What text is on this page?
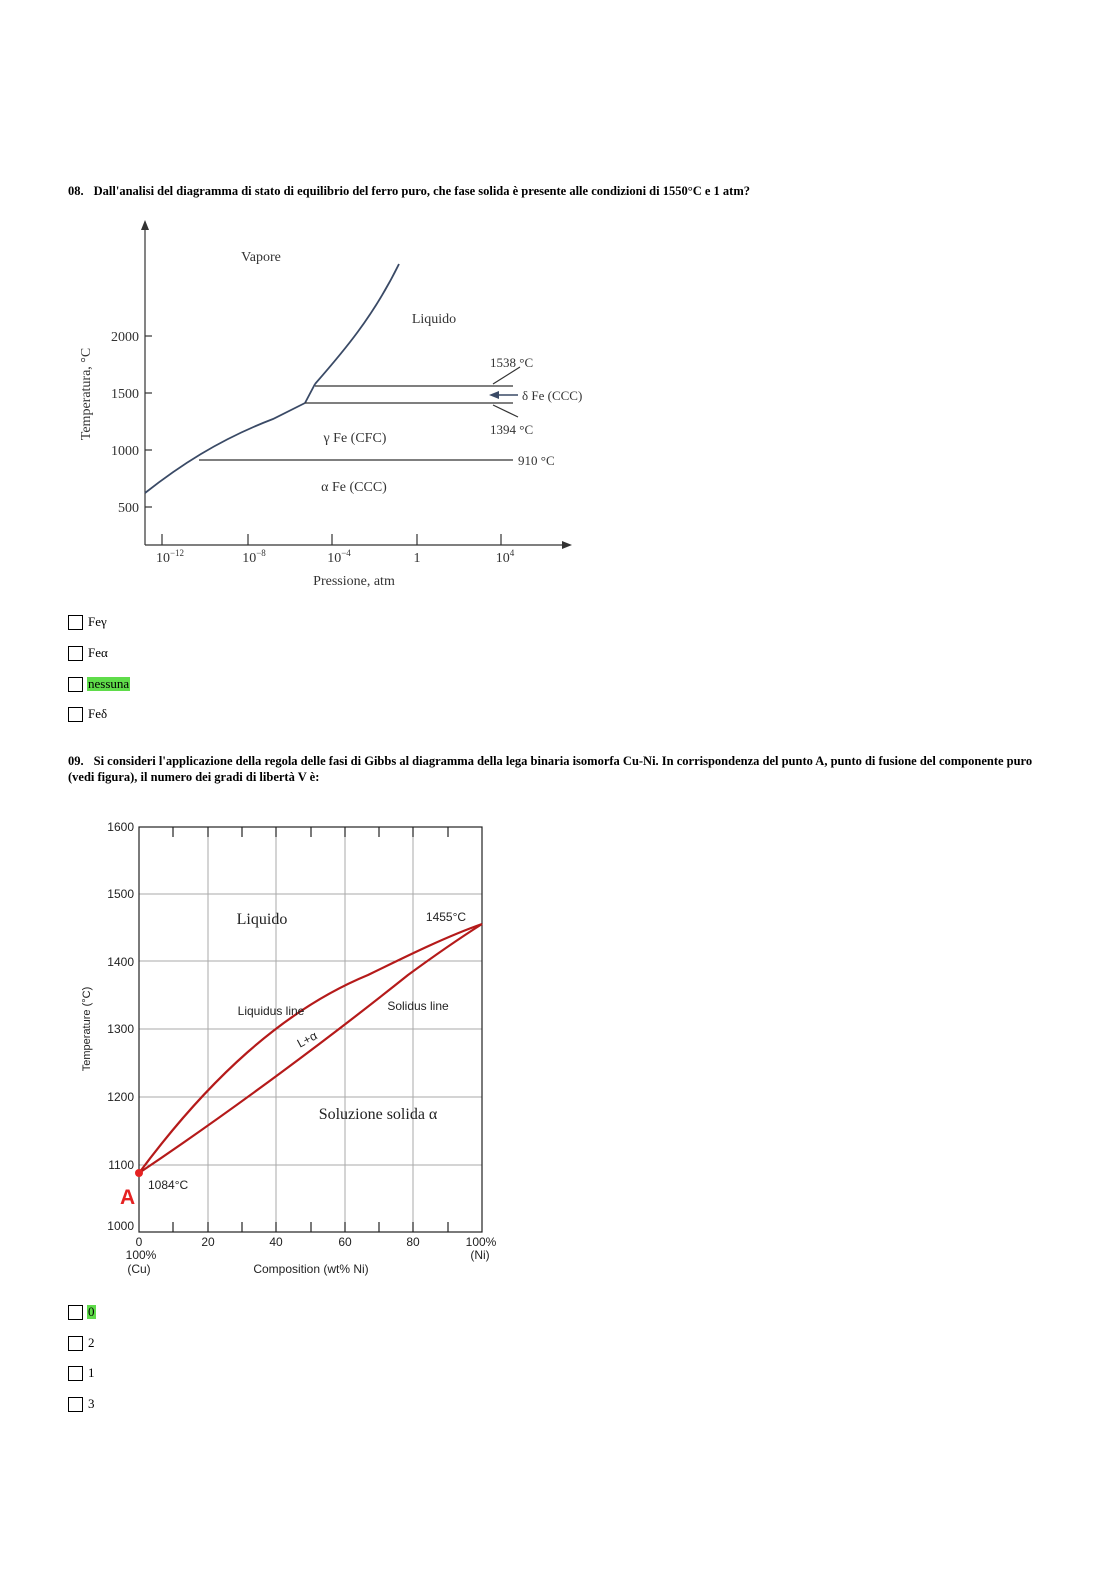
08. Dall'analisi del diagramma di stato di equilibrio del ferro puro, che fase solida è presente alle condizioni di 1550°C e 1 atm?
Temperatura, °C
2000
1500
1000
500
$10^{-12}$	$10^{-8}$	$10^{-4}$	1	$10^4$
Pressione, atm
Vapore
Liquido
1538 °C
δ Fe (CCC)
1394 °C
γ Fe (CFC)
910 °C
α Fe (CCC)
Feγ
Feα
nessuna
Feδ
09. Si consideri l'applicazione della regola delle fasi di Gibbs al diagramma della lega binaria isomorfa Cu-Ni. In corrispondenza del punto A, punto di fusione del componente puro (vedi figura), il numero dei gradi di libertà V è:
Temperature (°C)
1600
1500
1400
1300
1200
1100
1000
0	20	40	60	80	100%
100%
(Cu)
(Ni)
Composition (wt% Ni)
Liquido	1455°C
Liquidus line	Solidus line
L+α
Soluzione solida α
1084°C
A
0
2
1
3
